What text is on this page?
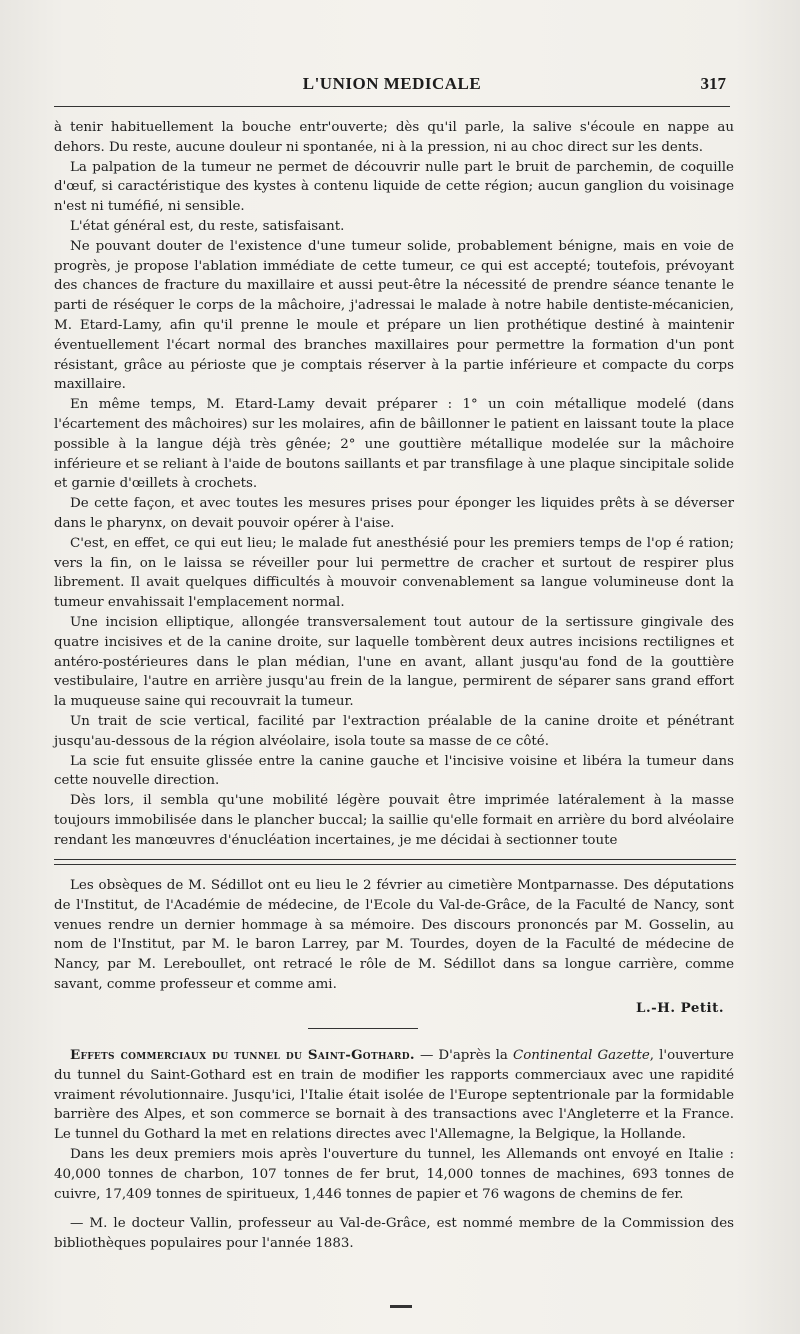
L'UNION MEDICALE	317

à tenir habituellement la bouche entr'ouverte; dès qu'il parle, la salive s'écoule en nappe au dehors. Du reste, aucune douleur ni spontanée, ni à la pression, ni au choc direct sur les dents.

La palpation de la tumeur ne permet de découvrir nulle part le bruit de parchemin, de coquille d'œuf, si caractéristique des kystes à contenu liquide de cette région; aucun ganglion du voisinage n'est ni tuméfié, ni sensible.

L'état général est, du reste, satisfaisant.

Ne pouvant douter de l'existence d'une tumeur solide, probablement bénigne, mais en voie de progrès, je propose l'ablation immédiate de cette tumeur, ce qui est accepté; toutefois, prévoyant des chances de fracture du maxillaire et aussi peut-être la nécessité de prendre séance tenante le parti de réséquer le corps de la mâchoire, j'adressai le malade à notre habile dentiste-mécanicien, M. Etard-Lamy, afin qu'il prenne le moule et prépare un lien prothétique destiné à maintenir éventuellement l'écart normal des branches maxillaires pour permettre la formation d'un pont résistant, grâce au périoste que je comptais réserver à la partie inférieure et compacte du corps maxillaire.

En même temps, M. Etard-Lamy devait préparer : 1° un coin métallique modelé (dans l'écartement des mâchoires) sur les molaires, afin de bâillonner le patient en laissant toute la place possible à la langue déjà très gênée; 2° une gouttière métallique modelée sur la mâchoire inférieure et se reliant à l'aide de boutons saillants et par transfilage à une plaque sincipitale solide et garnie d'œillets à crochets.

De cette façon, et avec toutes les mesures prises pour éponger les liquides prêts à se déverser dans le pharynx, on devait pouvoir opérer à l'aise.

C'est, en effet, ce qui eut lieu; le malade fut anesthésié pour les premiers temps de l'op é ration; vers la fin, on le laissa se réveiller pour lui permettre de cracher et surtout de respirer plus librement. Il avait quelques difficultés à mouvoir convenablement sa langue volumineuse dont la tumeur envahissait l'emplacement normal.

Une incision elliptique, allongée transversalement tout autour de la sertissure gingivale des quatre incisives et de la canine droite, sur laquelle tombèrent deux autres incisions rectilignes et antéro-postérieures dans le plan médian, l'une en avant, allant jusqu'au fond de la gouttière vestibulaire, l'autre en arrière jusqu'au frein de la langue, permirent de séparer sans grand effort la muqueuse saine qui recouvrait la tumeur.

Un trait de scie vertical, facilité par l'extraction préalable de la canine droite et pénétrant jusqu'au-dessous de la région alvéolaire, isola toute sa masse de ce côté.

La scie fut ensuite glissée entre la canine gauche et l'incisive voisine et libéra la tumeur dans cette nouvelle direction.

Dès lors, il sembla qu'une mobilité légère pouvait être imprimée latéralement à la masse toujours immobilisée dans le plancher buccal; la saillie qu'elle formait en arrière du bord alvéolaire rendant les manœuvres d'énucléation incertaines, je me décidai à sectionner toute

Les obsèques de M. Sédillot ont eu lieu le 2 février au cimetière Montparnasse. Des députations de l'Institut, de l'Académie de médecine, de l'Ecole du Val-de-Grâce, de la Faculté de Nancy, sont venues rendre un dernier hommage à sa mémoire. Des discours prononcés par M. Gosselin, au nom de l'Institut, par M. le baron Larrey, par M. Tourdes, doyen de la Faculté de médecine de Nancy, par M. Lereboullet, ont retracé le rôle de M. Sédillot dans sa longue carrière, comme savant, comme professeur et comme ami.

L.-H. Petit.

Effets commerciaux du tunnel du Saint-Gothard. — D'après la Continental Gazette, l'ouverture du tunnel du Saint-Gothard est en train de modifier les rapports commerciaux avec une rapidité vraiment révolutionnaire. Jusqu'ici, l'Italie était isolée de l'Europe septentrionale par la formidable barrière des Alpes, et son commerce se bornait à des transactions avec l'Angleterre et la France. Le tunnel du Gothard la met en relations directes avec l'Allemagne, la Belgique, la Hollande.

Dans les deux premiers mois après l'ouverture du tunnel, les Allemands ont envoyé en Italie : 40,000 tonnes de charbon, 107 tonnes de fer brut, 14,000 tonnes de machines, 693 tonnes de cuivre, 17,409 tonnes de spiritueux, 1,446 tonnes de papier et 76 wagons de chemins de fer.

— M. le docteur Vallin, professeur au Val-de-Grâce, est nommé membre de la Commission des bibliothèques populaires pour l'année 1883.
